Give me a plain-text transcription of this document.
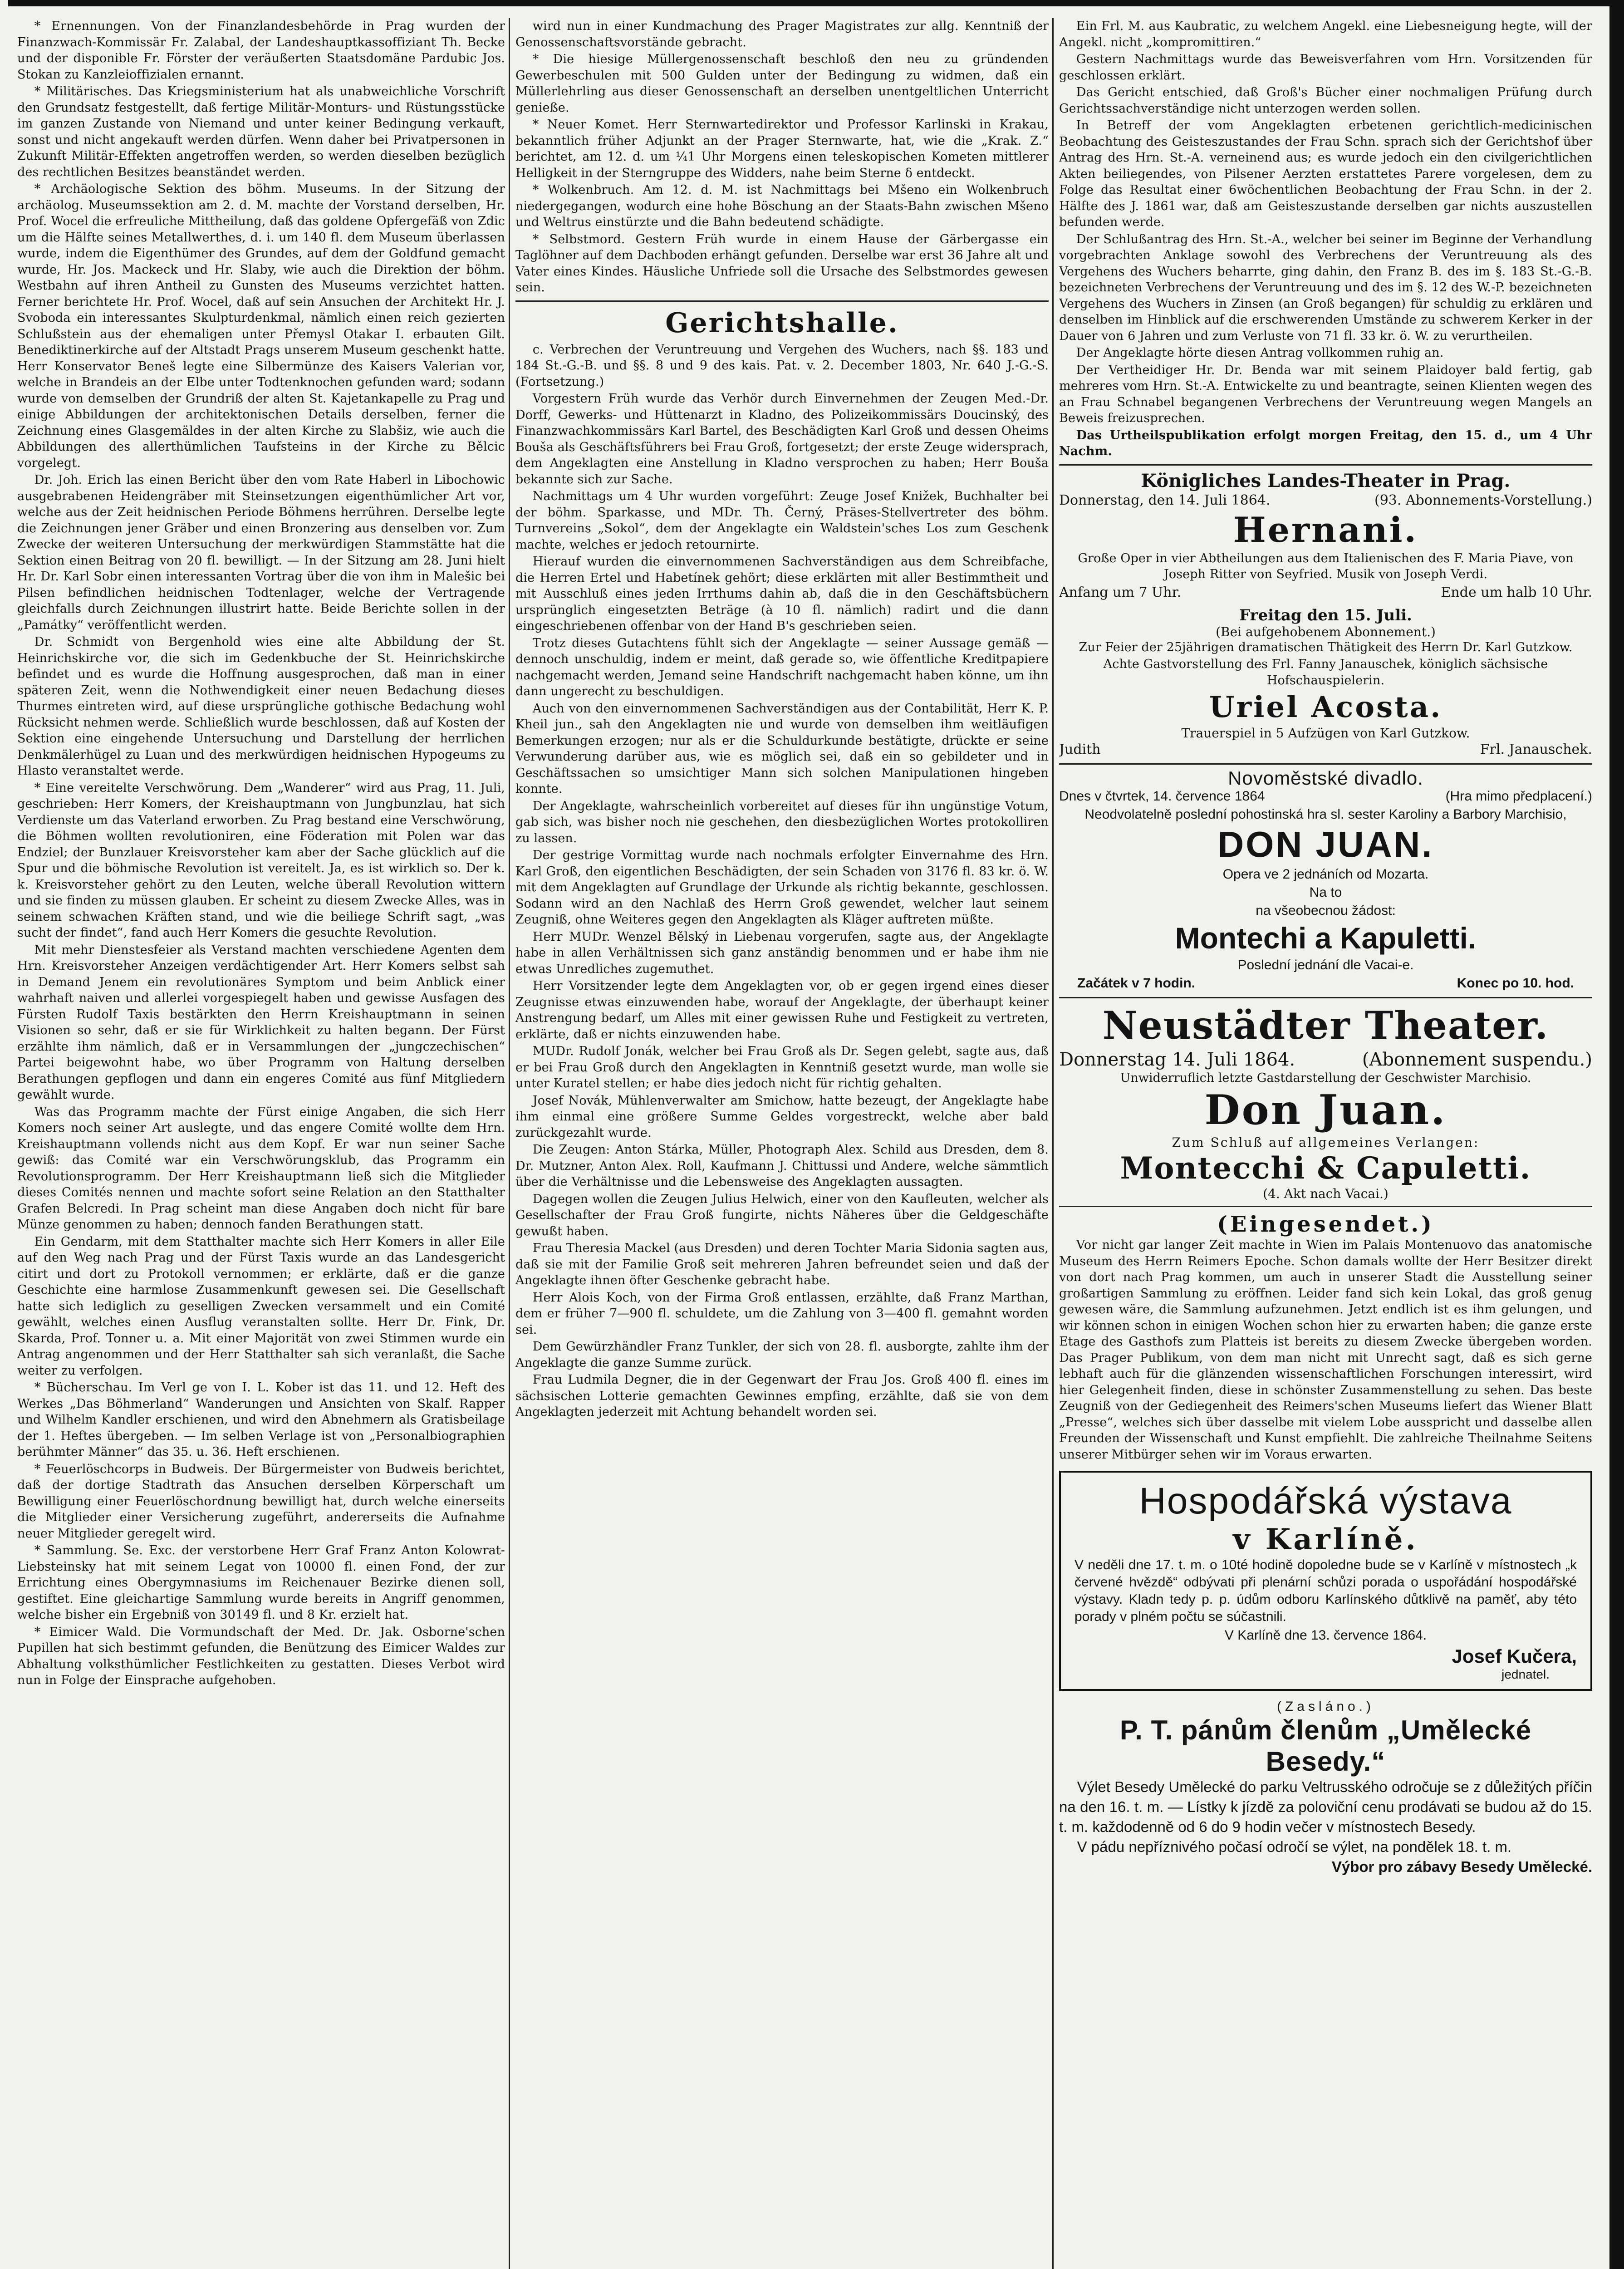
* Ernennungen. Von der Finanzlandesbehörde in Prag wurden der Finanzwach-Kommissär Fr. Zalabal, der Landeshauptkassoffiziant Th. Becke und der disponible Fr. Förster der veräußerten Staatsdomäne Pardubic Jos. Stokan zu Kanzleioffizialen ernannt.

* Militärisches. Das Kriegsministerium hat als unabweichliche Vorschrift den Grundsatz festgestellt, daß fertige Militär-Monturs- und Rüstungsstücke im ganzen Zustande von Niemand und unter keiner Bedingung verkauft, sonst und nicht angekauft werden dürfen. Wenn daher bei Privatpersonen in Zukunft Militär-Effekten angetroffen werden, so werden dieselben bezüglich des rechtlichen Besitzes beanständet werden.

* Archäologische Sektion des böhm. Museums. In der Sitzung der archäolog. Museumssektion am 2. d. M. machte der Vorstand derselben, Hr. Prof. Woсel die erfreuliche Mittheilung, daß das goldene Opfergefäß von Zdic um die Hälfte seines Metallwerthes, d. i. um 140 fl. dem Museum überlassen wurde, indem die Eigenthümer des Grundes, auf dem der Goldfund gemacht wurde, Hr. Jos. Mackeck und Hr. Slaby, wie auch die Direktion der böhm. Westbahn auf ihren Antheil zu Gunsten des Museums verzichtet hatten. Ferner berichtete Hr. Prof. Woсel, daß auf sein Ansuchen der Architekt Hr. J. Svoboda ein interessantes Skulpturdenkmal, nämlich einen reich gezierten Schlußstein aus der ehemaligen unter Přemysl Otakar I. erbauten Gilt. Benediktinerkirche auf der Altstadt Prags unserem Museum geschenkt hatte. Herr Konservator Beneš legte eine Silbermünze des Kaisers Valerian vor, welche in Brandeis an der Elbe unter Todtenknochen gefunden ward; sodann wurde von demselben der Grundriß der alten St. Kajetankapelle zu Prag und einige Abbildungen der architektonischen Details derselben, ferner die Zeichnung eines Glasgemäldes in der alten Kirche zu Slabšiz, wie auch die Abbildungen des allerthümlichen Taufsteins in der Kirche zu Bělcic vorgelegt.

Dr. Joh. Erich las einen Bericht über den vom Rate Haberl in Libochowic ausgebrabenen Heidengräber mit Steinsetzungen eigenthümlicher Art vor, welche aus der Zeit heidnischen Periode Böhmens herrühren. Derselbe legte die Zeichnungen jener Gräber und einen Bronzering aus denselben vor. Zum Zwecke der weiteren Untersuchung der merkwürdigen Stammstätte hat die Sektion einen Beitrag von 20 fl. bewilligt. — In der Sitzung am 28. Juni hielt Hr. Dr. Karl Sobr einen interessanten Vortrag über die von ihm in Malešic bei Pilsen befindlichen heidnischen Todtenlager, welche der Vertragende gleichfalls durch Zeichnungen illustrirt hatte. Beide Berichte sollen in der „Památky“ veröffentlicht werden.

Dr. Schmidt von Bergenhold wies eine alte Abbildung der St. Heinrichskirche vor, die sich im Gedenkbuche der St. Heinrichskirche befindet und es wurde die Hoffnung ausgesprochen, daß man in einer späteren Zeit, wenn die Nothwendigkeit einer neuen Bedachung dieses Thurmes eintreten wird, auf diese ursprüngliche gothische Bedachung wohl Rücksicht nehmen werde. Schließlich wurde beschlossen, daß auf Kosten der Sektion eine eingehende Untersuchung und Darstellung der herrlichen Denkmälerhügel zu Luan und des merkwürdigen heidnischen Hypogeums zu Hlasto veranstaltet werde.

* Eine vereitelte Verschwörung. Dem „Wanderer“ wird aus Prag, 11. Juli, geschrieben: Herr Komers, der Kreishauptmann von Jungbunzlau, hat sich Verdienste um das Vaterland erworben. Zu Prag bestand eine Verschwörung, die Böhmen wollten revolutioniren, eine Föderation mit Polen war das Endziel; der Bunzlauer Kreisvorsteher kam aber der Sache glücklich auf die Spur und die böhmische Revolution ist vereitelt. Ja, es ist wirklich so. Der k. k. Kreisvorsteher gehört zu den Leuten, welche überall Revolution wittern und sie finden zu müssen glauben. Er scheint zu diesem Zwecke Alles, was in seinem schwachen Kräften stand, und wie die beiliege Schrift sagt, „was sucht der findet“, fand auch Herr Komers die gesuchte Revolution.

Mit mehr Dienstesfeier als Verstand machten verschiedene Agenten dem Hrn. Kreisvorsteher Anzeigen verdächtigender Art. Herr Komers selbst sah in Demand Jenem ein revolutionäres Symptom und beim Anblick einer wahrhaft naiven und allerlei vorgespiegelt haben und gewisse Ausfagen des Fürsten Rudolf Taxis bestärkten den Herrn Kreishauptmann in seinen Visionen so sehr, daß er sie für Wirklichkeit zu halten begann. Der Fürst erzählte ihm nämlich, daß er in Versammlungen der „jungczechischen“ Partei beigewohnt habe, wo über Programm von Haltung derselben Berathungen gepflogen und dann ein engeres Comité aus fünf Mitgliedern gewählt wurde.

Was das Programm machte der Fürst einige Angaben, die sich Herr Komers noch seiner Art auslegte, und das engere Comité wollte dem Hrn. Kreishauptmann vollends nicht aus dem Kopf. Er war nun seiner Sache gewiß: das Comité war ein Verschwörungsklub, das Programm ein Revolutionsprogramm. Der Herr Kreishauptmann ließ sich die Mitglieder dieses Comités nennen und machte sofort seine Relation an den Statthalter Grafen Belcredi. In Prag scheint man diese Angaben doch nicht für bare Münze genommen zu haben; dennoch fanden Berathungen statt.

Ein Gendarm, mit dem Statthalter machte sich Herr Komers in aller Eile auf den Weg nach Prag und der Fürst Taxis wurde an das Landesgericht citirt und dort zu Protokoll vernommen; er erklärte, daß er die ganze Geschichte eine harmlose Zusammenkunft gewesen sei. Die Gesellschaft hatte sich lediglich zu geselligen Zwecken versammelt und ein Comité gewählt, welches einen Ausflug veranstalten sollte. Herr Dr. Fink, Dr. Skarda, Prof. Tonner u. a. Mit einer Majorität von zwei Stimmen wurde ein Antrag angenommen und der Herr Statthalter sah sich veranlaßt, die Sache weiter zu verfolgen.

* Bücherschau. Im Verl ge von I. L. Kober ist das 11. und 12. Heft des Werkes „Das Böhmerland“ Wanderungen und Ansichten von Skalf. Rapper und Wilhelm Kandler erschienen, und wird den Abnehmern als Gratisbeilage der 1. Heftes übergeben. — Im selben Verlage ist von „Personalbiographien berühmter Männer“ das 35. u. 36. Heft erschienen.

* Feuerlöschcorps in Budweis. Der Bürgermeister von Budweis berichtet, daß der dortige Stadtrath das Ansuchen derselben Körperschaft um Bewilligung einer Feuerlöschordnung bewilligt hat, durch welche einerseits die Mitglieder einer Versicherung zugeführt, andererseits die Aufnahme neuer Mitglieder geregelt wird.

* Sammlung. Se. Exc. der verstorbene Herr Graf Franz Anton Kolowrat-Liebsteinsky hat mit seinem Legat von 10000 fl. einen Fond, der zur Errichtung eines Obergymnasiums im Reichenauer Bezirke dienen soll, gestiftet. Eine gleichartige Sammlung wurde bereits in Angriff genommen, welche bisher ein Ergebniß von 30149 fl. und 8 Kr. erzielt hat.

* Eimicer Wald. Die Vormundschaft der Med. Dr. Jak. Osborne'schen Pupillen hat sich bestimmt gefunden, die Benützung des Eimicer Waldes zur Abhaltung volksthümlicher Festlichkeiten zu gestatten. Dieses Verbot wird nun in Folge der Einsprache aufgehoben.

wird nun in einer Kundmachung des Prager Magistrates zur allg. Kenntniß der Genossenschaftsvorstände gebracht.

* Die hiesige Müllergenossenschaft beschloß den neu zu gründenden Gewerbeschulen mit 500 Gulden unter der Bedingung zu widmen, daß ein Müllerlehrling aus dieser Genossenschaft an derselben unentgeltlichen Unterricht genieße.

* Neuer Komet. Herr Sternwartedirektor und Professor Karlinski in Krakau, bekanntlich früher Adjunkt an der Prager Sternwarte, hat, wie die „Krak. Z.“ berichtet, am 12. d. um ¼1 Uhr Morgens einen teleskopischen Kometen mittlerer Helligkeit in der Sterngruppe des Widders, nahe beim Sterne δ entdeckt.

* Wolkenbruch. Am 12. d. M. ist Nachmittags bei Mšeno ein Wolkenbruch niedergegangen, wodurch eine hohe Böschung an der Staats-Bahn zwischen Mšeno und Weltrus einstürzte und die Bahn bedeutend schädigte.

* Selbstmord. Gestern Früh wurde in einem Hause der Gärbergasse ein Taglöhner auf dem Dachboden erhängt gefunden. Derselbe war erst 36 Jahre alt und Vater eines Kindes. Häusliche Unfriede soll die Ursache des Selbstmordes gewesen sein.

Gerichtshalle.

c. Verbrechen der Veruntreuung und Vergehen des Wuchers, nach §§. 183 und 184 St.-G.-B. und §§. 8 und 9 des kais. Pat. v. 2. December 1803, Nr. 640 J.-G.-S. (Fortsetzung.)

Vorgestern Früh wurde das Verhör durch Einvernehmen der Zeugen Med.-Dr. Dorff, Gewerks- und Hüttenarzt in Kladno, des Polizeikommissärs Doucinský, des Finanzwachkommissärs Karl Bartel, des Beschädigten Karl Groß und dessen Oheims Bouša als Geschäftsführers bei Frau Groß, fortgesetzt; der erste Zeuge widersprach, dem Angeklagten eine Anstellung in Kladno versprochen zu haben; Herr Bouša bekannte sich zur Sache.

Nachmittags um 4 Uhr wurden vorgeführt: Zeuge Josef Knižek, Buchhalter bei der böhm. Sparkasse, und MDr. Th. Černý, Präses-Stellvertreter des böhm. Turnvereins „Sokol“, dem der Angeklagte ein Waldstein'sches Los zum Geschenk machte, welches er jedoch retournirte.

Hierauf wurden die einvernommenen Sachverständigen aus dem Schreibfache, die Herren Ertel und Habetínek gehört; diese erklärten mit aller Bestimmtheit und mit Ausschluß eines jeden Irrthums dahin ab, daß die in den Geschäftsbüchern ursprünglich eingesetzten Beträge (à 10 fl. nämlich) radirt und die dann eingeschriebenen offenbar von der Hand B's geschrieben seien.

Trotz dieses Gutachtens fühlt sich der Angeklagte — seiner Aussage gemäß — dennoch unschuldig, indem er meint, daß gerade so, wie öffentliche Kreditpapiere nachgemacht werden, Jemand seine Handschrift nachgemacht haben könne, um ihn dann ungerecht zu beschuldigen.

Auch von den einvernommenen Sachverständigen aus der Contabilität, Herr K. P. Kheil jun., sah den Angeklagten nie und wurde von demselben ihm weitläufigen Bemerkungen erzogen; nur als er die Schuldurkunde bestätigte, drückte er seine Verwunderung darüber aus, wie es möglich sei, daß ein so gebildeter und in Geschäftssachen so umsichtiger Mann sich solchen Manipulationen hingeben konnte.

Der Angeklagte, wahrscheinlich vorbereitet auf dieses für ihn ungünstige Votum, gab sich, was bisher noch nie geschehen, den diesbezüglichen Wortes protokolliren zu lassen.

Der gestrige Vormittag wurde nach nochmals erfolgter Einvernahme des Hrn. Karl Groß, den eigentlichen Beschädigten, der sein Schaden von 3176 fl. 83 kr. ö. W. mit dem Angeklagten auf Grundlage der Urkunde als richtig bekannte, geschlossen. Sodann wird an den Nachlaß des Herrn Groß gewendet, welcher laut seinem Zeugniß, ohne Weiteres gegen den Angeklagten als Kläger auftreten müßte.

Herr MUDr. Wenzel Bělský in Liebenau vorgerufen, sagte aus, der Angeklagte habe in allen Verhältnissen sich ganz anständig benommen und er habe ihm nie etwas Unredliches zugemuthet.

Herr Vorsitzender legte dem Angeklagten vor, ob er gegen irgend eines dieser Zeugnisse etwas einzuwenden habe, worauf der Angeklagte, der überhaupt keiner Anstrengung bedarf, um Alles mit einer gewissen Ruhe und Festigkeit zu vertreten, erklärte, daß er nichts einzuwenden habe.

MUDr. Rudolf Jonák, welcher bei Frau Groß als Dr. Segen gelebt, sagte aus, daß er bei Frau Groß durch den Angeklagten in Kenntniß gesetzt wurde, man wolle sie unter Kuratel stellen; er habe dies jedoch nicht für richtig gehalten.

Josef Novák, Mühlenverwalter am Smichow, hatte bezeugt, der Angeklagte habe ihm einmal eine größere Summe Geldes vorgestreckt, welche aber bald zurückgezahlt wurde.

Die Zeugen: Anton Stárka, Müller, Photograph Alex. Schild aus Dresden, dem 8. Dr. Mutzner, Anton Alex. Roll, Kaufmann J. Chittussi und Andere, welche sämmtlich über die Verhältnisse und die Lebensweise des Angeklagten aussagten.

Dagegen wollen die Zeugen Julius Helwich, einer von den Kaufleuten, welcher als Gesellschafter der Frau Groß fungirte, nichts Näheres über die Geldgeschäfte gewußt haben.

Frau Theresia Mackel (aus Dresden) und deren Tochter Maria Sidonia sagten aus, daß sie mit der Familie Groß seit mehreren Jahren befreundet seien und daß der Angeklagte ihnen öfter Geschenke gebracht habe.

Herr Alois Koch, von der Firma Groß entlassen, erzählte, daß Franz Marthan, dem er früher 7—900 fl. schuldete, um die Zahlung von 3—400 fl. gemahnt worden sei.

Dem Gewürzhändler Franz Tunkler, der sich von 28. fl. ausborgte, zahlte ihm der Angeklagte die ganze Summe zurück.

Frau Ludmila Degner, die in der Gegenwart der Frau Jos. Groß 400 fl. eines im sächsischen Lotterie gemachten Gewinnes empfing, erzählte, daß sie von dem Angeklagten jederzeit mit Achtung behandelt worden sei.

Ein Frl. M. aus Kaubratic, zu welchem Angekl. eine Liebesneigung hegte, will der Angekl. nicht „kompromittiren.“

Gestern Nachmittags wurde das Beweisverfahren vom Hrn. Vorsitzenden für geschlossen erklärt.

Das Gericht entschied, daß Groß's Bücher einer nochmaligen Prüfung durch Gerichtssachverständige nicht unterzogen werden sollen.

In Betreff der vom Angeklagten erbetenen gerichtlich-medicinischen Beobachtung des Geisteszustandes der Frau Schn. sprach sich der Gerichtshof über Antrag des Hrn. St.-A. verneinend aus; es wurde jedoch ein den civilgerichtlichen Akten beiliegendes, von Pilsener Aerzten erstattetes Parere vorgelesen, dem zu Folge das Resultat einer 6wöchentlichen Beobachtung der Frau Schn. in der 2. Hälfte des J. 1861 war, daß am Geisteszustande derselben gar nichts auszustellen befunden werde.

Der Schlußantrag des Hrn. St.-A., welcher bei seiner im Beginne der Verhandlung vorgebrachten Anklage sowohl des Verbrechens der Veruntreuung als des Vergehens des Wuchers beharrte, ging dahin, den Franz B. des im §. 183 St.-G.-B. bezeichneten Verbrechens der Veruntreuung und des im §. 12 des W.-P. bezeichneten Vergehens des Wuchers in Zinsen (an Groß begangen) für schuldig zu erklären und denselben im Hinblick auf die erschwerenden Umstände zu schwerem Kerker in der Dauer von 6 Jahren und zum Verluste von 71 fl. 33 kr. ö. W. zu verurtheilen.

Der Angeklagte hörte diesen Antrag vollkommen ruhig an.

Der Vertheidiger Hr. Dr. Benda war mit seinem Plaidoyer bald fertig, gab mehreres vom Hrn. St.-A. Entwickelte zu und beantragte, seinen Klienten wegen des an Frau Schnabel begangenen Verbrechens der Veruntreuung wegen Mangels an Beweis freizusprechen.

Das Urtheilspublikation erfolgt morgen Freitag, den 15. d., um 4 Uhr Nachm.

Königliches Landes-Theater in Prag.
Donnerstag, den 14. Juli 1864.	(93. Abonnements-Vorstellung.)
Hernani.
Große Oper in vier Abtheilungen aus dem Italienischen des F. Maria Piave, von Joseph Ritter von Seyfried. Musik von Joseph Verdi.
Anfang um 7 Uhr.	Ende um halb 10 Uhr.
Freitag den 15. Juli.
(Bei aufgehobenem Abonnement.)
Zur Feier der 25jährigen dramatischen Thätigkeit des Herrn Dr. Karl Gutzkow.
Achte Gastvorstellung des Frl. Fanny Janauschek, königlich sächsische Hofschauspielerin.
Uriel Acosta.
Trauerspiel in 5 Aufzügen von Karl Gutzkow.
Judith	Frl. Janauschek.
Novoměstské divadlo.
Dnes v čtvrtek, 14. července 1864	(Hra mimo předplacení.)
Neodvolatelně poslední pohostinská hra sl. sester Karoliny a Barbory Marchisio,
DON JUAN.
Opera ve 2 jednáních od Mozarta.
Na to
na všeobecnou žádost:
Montechi a Kapuletti.
Poslední jednání dle Vacai-e.
Začátek v 7 hodin.	Konec po 10. hod.
Neustädter Theater.
Donnerstag 14. Juli 1864.	(Abonnement suspendu.)
Unwiderruflich letzte Gastdarstellung der Geschwister Marchisio.
Don Juan.
Zum Schluß auf allgemeines Verlangen:
Montecchi & Capuletti.
(4. Akt nach Vacai.)
(Eingesendet.)

Vor nicht gar langer Zeit machte in Wien im Palais Montenuovo das anatomische Museum des Herrn Reimers Epoche. Schon damals wollte der Herr Besitzer direkt von dort nach Prag kommen, um auch in unserer Stadt die Ausstellung seiner großartigen Sammlung zu eröffnen. Leider fand sich kein Lokal, das groß genug gewesen wäre, die Sammlung aufzunehmen. Jetzt endlich ist es ihm gelungen, und wir können schon in einigen Wochen schon hier zu erwarten haben; die ganze erste Etage des Gasthofs zum Platteis ist bereits zu diesem Zwecke übergeben worden. Das Prager Publikum, von dem man nicht mit Unrecht sagt, daß es sich gerne lebhaft auch für die glänzenden wissenschaftlichen Forschungen interessirt, wird hier Gelegenheit finden, diese in schönster Zusammenstellung zu sehen. Das beste Zeugniß von der Gediegenheit des Reimers'schen Museums liefert das Wiener Blatt „Presse“, welches sich über dasselbe mit vielem Lobe ausspricht und dasselbe allen Freunden der Wissenschaft und Kunst empfiehlt. Die zahlreiche Theilnahme Seitens unserer Mitbürger sehen wir im Voraus erwarten.

Hospodářská výstava
v Karlíně.
V neděli dne 17. t. m. o 10té hodině dopoledne bude se v Karlíně v místnostech „k červené hvězdě“ odbývati při plenární schůzi porada o uspořádání hospodářské výstavy. Kladn tedy p. p. údům odboru Karlínského důtklivě na paměť, aby této porady v plném počtu se súčastnili.
V Karlíně dne 13. července 1864.
Josef Kučera,
jednatel.
(Zasláno.)
P. T. pánům členům „Umělecké Besedy.“
Výlet Besedy Umělecké do parku Veltrusského odročuje se z důležitých příčin na den 16. t. m. — Lístky k jízdě za poloviční cenu prodávati se budou až do 15. t. m. každodenně od 6 do 9 hodin večer v místnostech Besedy.
V pádu nepříznivého počasí odročí se výlet, na pondělek 18. t. m.
Výbor pro zábavy Besedy Umělecké.
